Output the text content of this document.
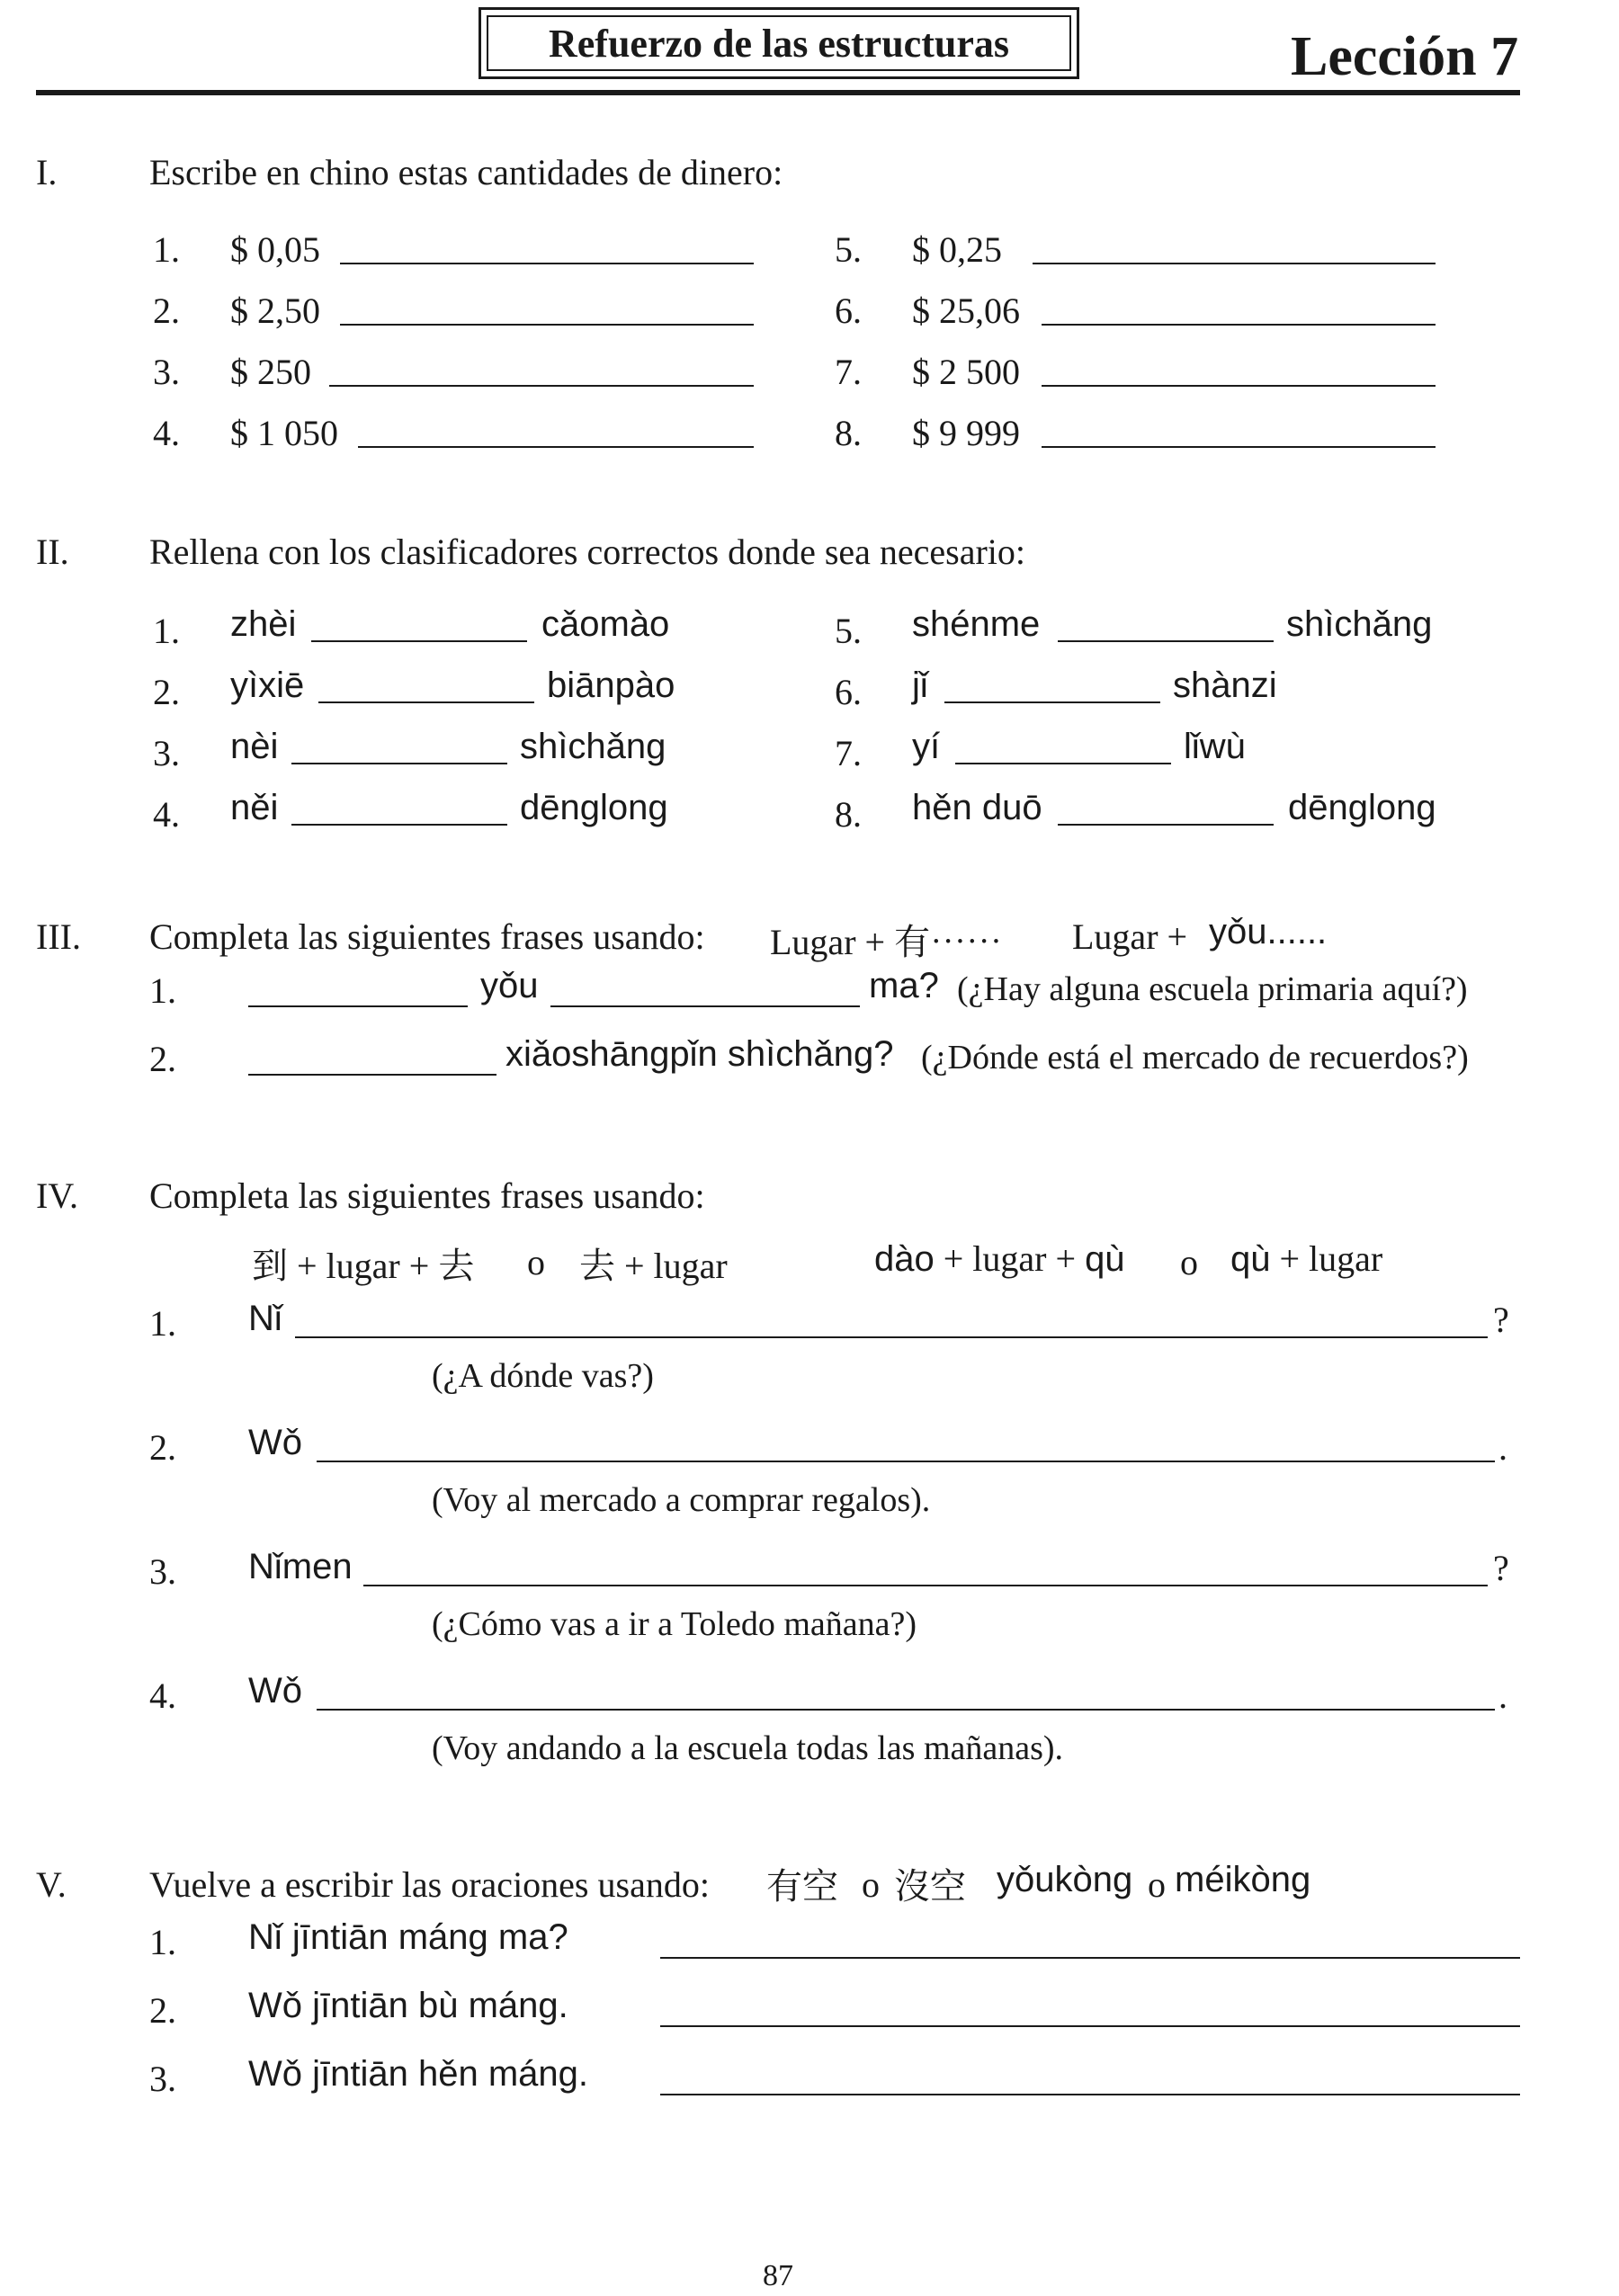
Refuerzo de las estructuras	Lección 7
I.	Escribe en chino estas cantidades de dinero:
1. $ 0,05
2. $ 2,50
3. $ 250
4. $ 1 050
5. $ 0,25
6. $ 25,06
7. $ 2 500
8. $ 9 999
II. Rellena con los clasificadores correctos donde sea necesario:
1. zhèi	cǎomào
2. yìxiē	biānpào
3. nèi	shìchǎng
4. něi	dēnglong
5. shénme	shìchǎng
6. jǐ	shànzi
7. yí	lǐwù
8. hěn duō	dēnglong
III. Completa las siguientes frases usando: Lugar + 有⋯⋯ Lugar + yǒu......
1.	yǒu	ma? (¿Hay alguna escuela primaria aquí?)
2.	xiǎoshāngpǐn shìchǎng? (¿Dónde está el mercado de recuerdos?)
IV. Completa las siguientes frases usando:
到 + lugar + 去 o 去 + lugar	dào + lugar + qù o qù + lugar
1. Nǐ	?
(¿A dónde vas?)
2. Wǒ	.
(Voy al mercado a comprar regalos).
3. Nǐmen	?
(¿Cómo vas a ir a Toledo mañana?)
4. Wǒ	.
(Voy andando a la escuela todas las mañanas).
V. Vuelve a escribir las oraciones usando: 有空 o 沒空 yǒukòng o méikòng
1. Nǐ jīntiān máng ma?
2. Wǒ jīntiān bù máng.
3. Wǒ jīntiān hěn máng.
87
